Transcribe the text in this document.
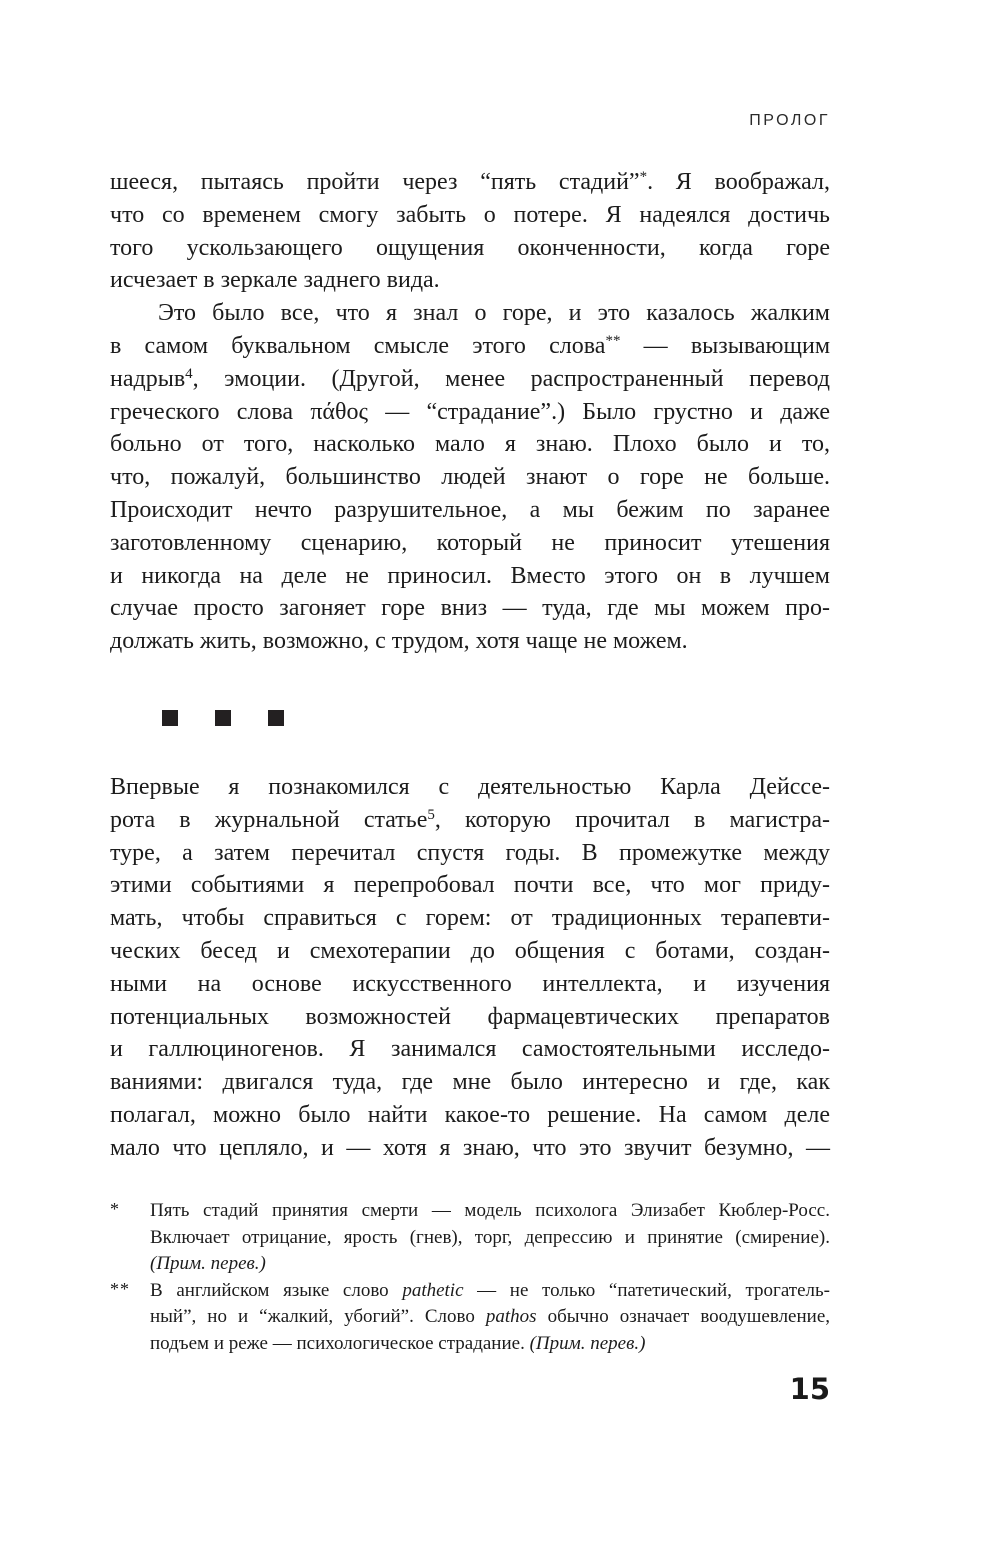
ПРОЛОГ
шееся, пытаясь пройти через “пять стадий”*. Я воображал,
что со временем смогу забыть о потере. Я надеялся достичь
того ускользающего ощущения оконченности, когда горе
исчезает в зеркале заднего вида.
Это было все, что я знал о горе, и это казалось жалким
в самом буквальном смысле этого слова** — вызывающим
надрыв$^4$, эмоции. (Другой, менее распространенный перевод
греческого слова πάθος — “страдание”.) Было грустно и даже
больно от того, насколько мало я знаю. Плохо было и то,
что, пожалуй, большинство людей знают о горе не больше.
Происходит нечто разрушительное, а мы бежим по заранее
заготовленному сценарию, который не приносит утешения
и никогда на деле не приносил. Вместо этого он в лучшем
случае просто загоняет горе вниз — туда, где мы можем про-
должать жить, возможно, с трудом, хотя чаще не можем.
Впервые я познакомился с деятельностью Карла Дейссе-
рота в журнальной статье$^5$, которую прочитал в магистра-
туре, а затем перечитал спустя годы. В промежутке между
этими событиями я перепробовал почти все, что мог приду-
мать, чтобы справиться с горем: от традиционных терапевти-
ческих бесед и смехотерапии до общения с ботами, создан-
ными на основе искусственного интеллекта, и изучения
потенциальных возможностей фармацевтических препаратов
и галлюциногенов. Я занимался самостоятельными исследо-
ваниями: двигался туда, где мне было интересно и где, как
полагал, можно было найти какое-то решение. На самом деле
мало что цепляло, и — хотя я знаю, что это звучит безумно, —
* Пять стадий принятия смерти — модель психолога Элизабет Кюблер-Росс.
Включает отрицание, ярость (гнев), торг, депрессию и принятие (смирение).
(Прим. перев.)
** В английском языке слово pathetic — не только “патетический, трогатель-
ный”, но и “жалкий, убогий”. Слово pathos обычно означает воодушевление,
подъем и реже — психологическое страдание. (Прим. перев.)
15
